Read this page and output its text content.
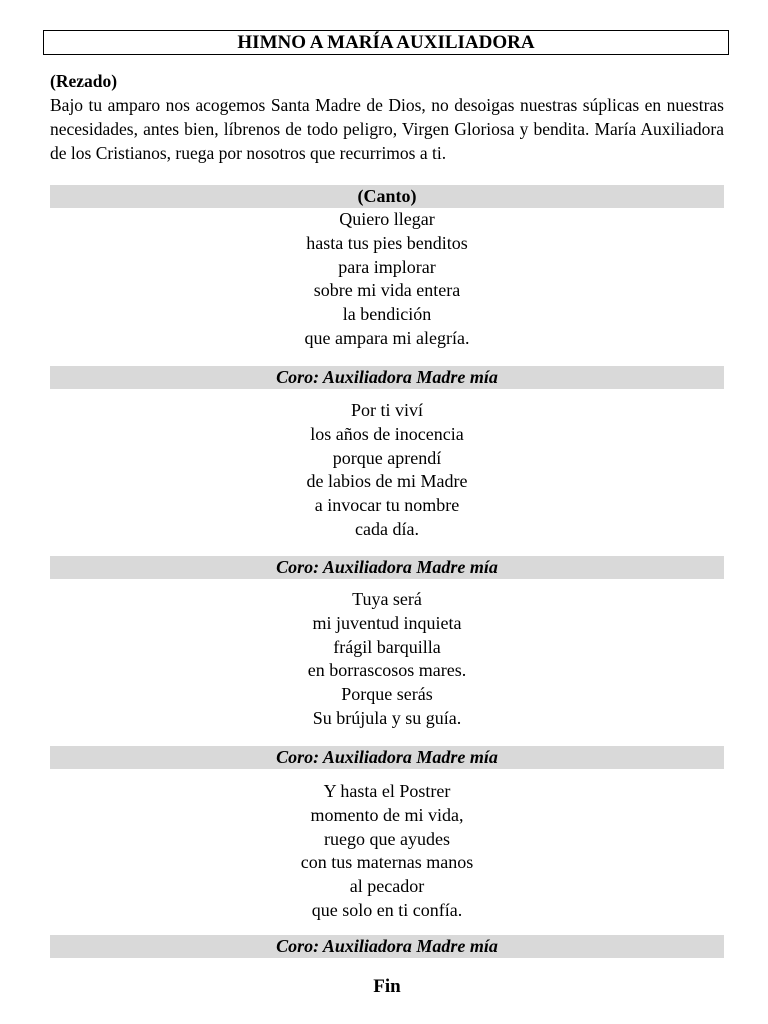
HIMNO A MARÍA AUXILIADORA
(Rezado)
Bajo tu amparo nos acogemos Santa Madre de Dios, no desoigas nuestras súplicas en nuestras necesidades, antes bien, líbrenos de todo peligro, Virgen Gloriosa y bendita. María Auxiliadora de los Cristianos, ruega por nosotros que recurrimos a ti.
(Canto)
Quiero llegar
hasta tus pies benditos
para implorar
sobre mi vida entera
la bendición
que ampara mi alegría.
Coro: Auxiliadora Madre mía
Por ti viví
los años de inocencia
porque aprendí
de labios de mi Madre
a invocar tu nombre
cada día.
Coro: Auxiliadora Madre mía
Tuya será
mi juventud inquieta
frágil barquilla
en borrascosos mares.
Porque serás
Su brújula y su guía.
Coro: Auxiliadora Madre mía
Y hasta el Postrer
momento de mi vida,
ruego que ayudes
con tus maternas manos
al pecador
que solo en ti confía.
Coro: Auxiliadora Madre mía
Fin
